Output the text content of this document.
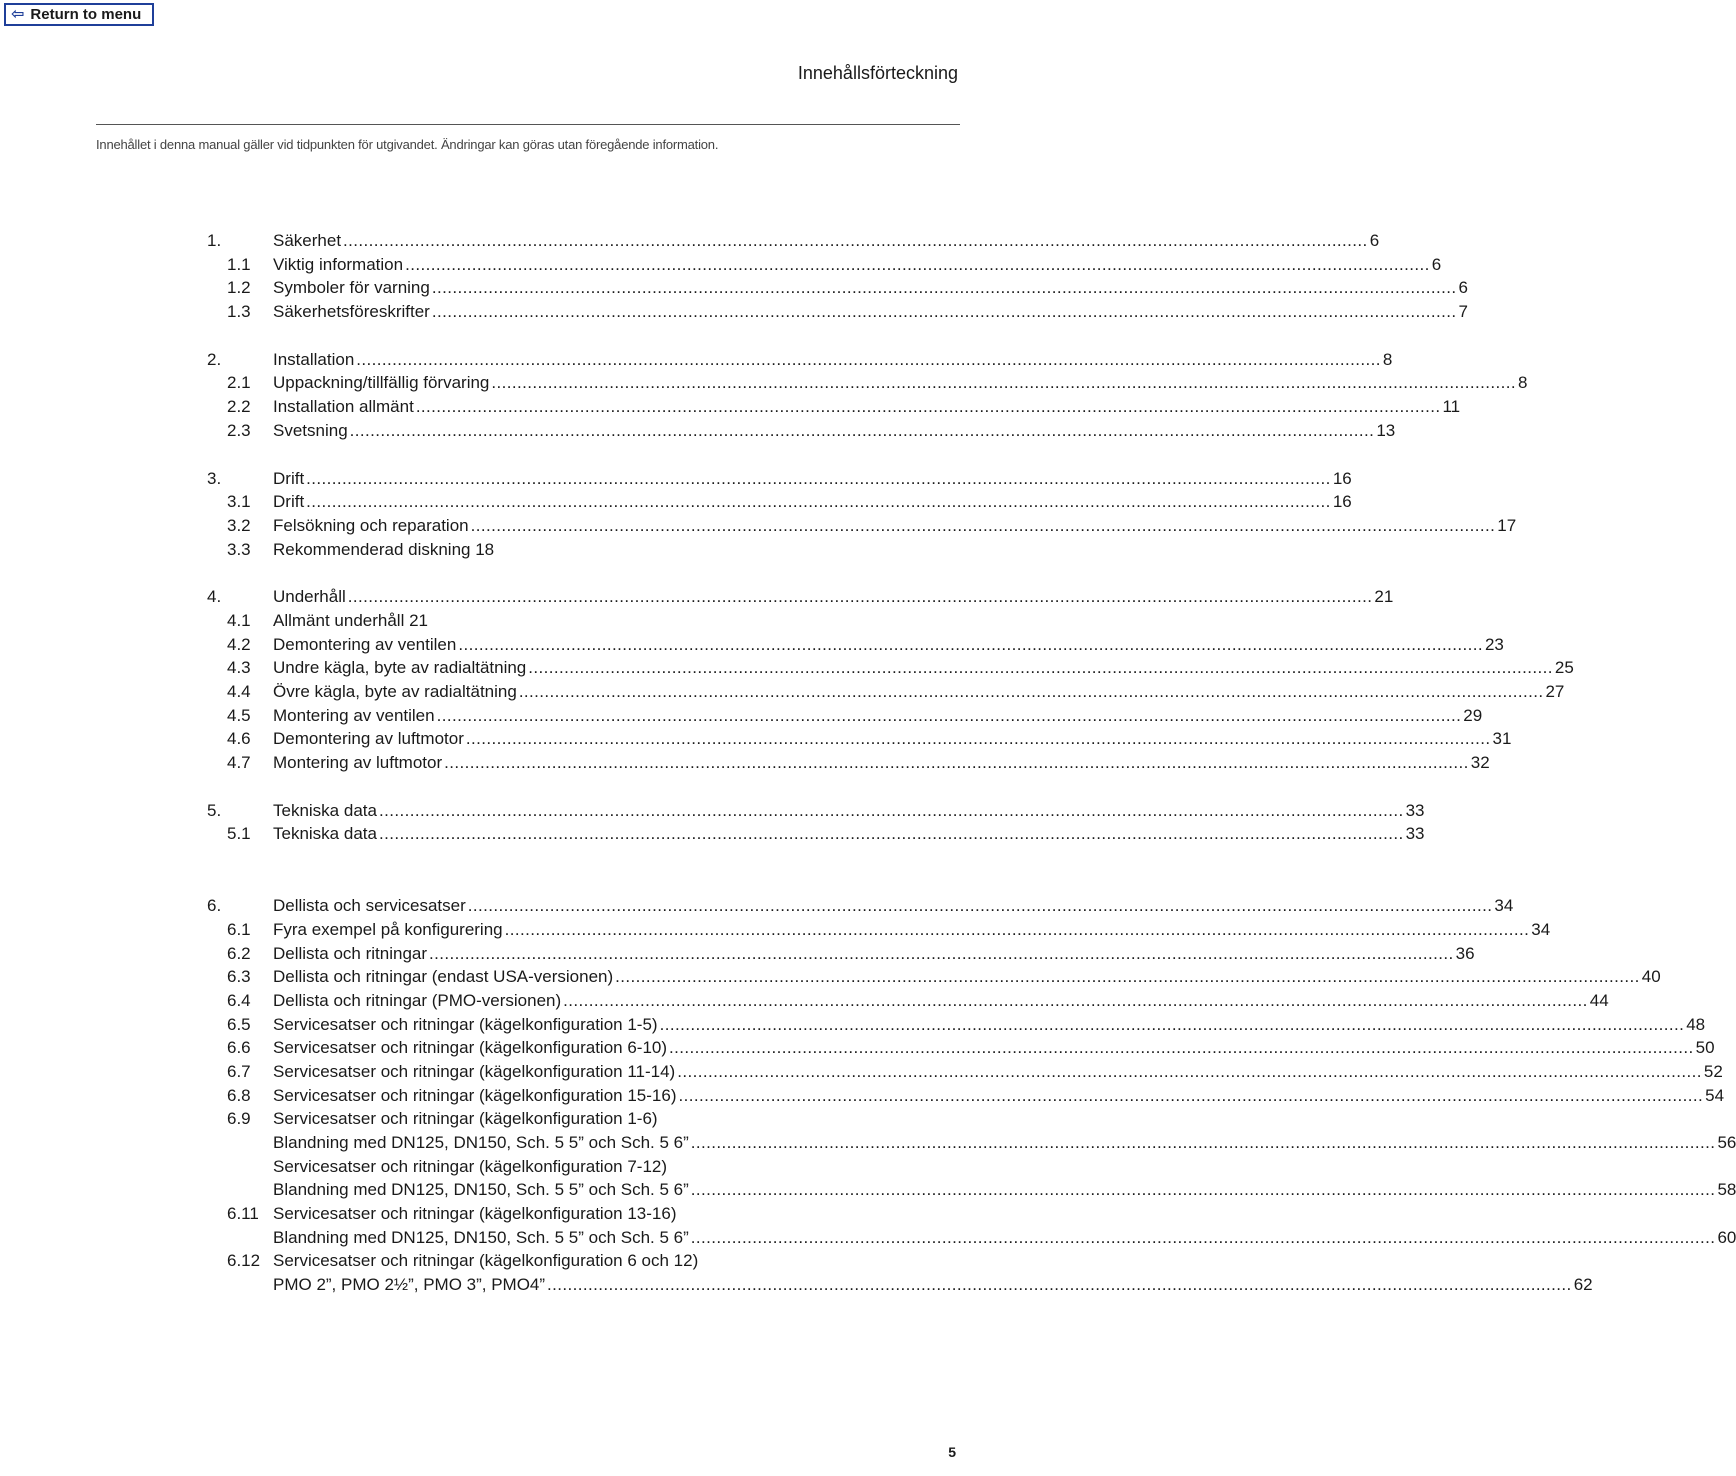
⇦ Return to menu
Innehållsförteckning
Innehållet i denna manual gäller vid tidpunkten för utgivandet. Ändringar kan göras utan föregående information.
1.	Säkerhet ........................................................................................................................................................................................................ 6
1.1	Viktig information ........................................................................................................................................................................................................ 6
1.2	Symboler för varning ........................................................................................................................................................................................................ 6
1.3	Säkerhetsföreskrifter ........................................................................................................................................................................................................ 7
2.	Installation ........................................................................................................................................................................................................ 8
2.1	Uppackning/tillfällig förvaring ........................................................................................................................................................................................................ 8
2.2	Installation allmänt ........................................................................................................................................................................................................ 11
2.3	Svetsning ........................................................................................................................................................................................................ 13
3.	Drift ........................................................................................................................................................................................................ 16
3.1	Drift ........................................................................................................................................................................................................ 16
3.2	Felsökning och reparation ........................................................................................................................................................................................................ 17
3.3	Rekommenderad diskning 18
4.	Underhåll ........................................................................................................................................................................................................ 21
4.1	Allmänt underhåll 21
4.2	Demontering av ventilen ........................................................................................................................................................................................................ 23
4.3	Undre kägla, byte av radialtätning ........................................................................................................................................................................................................ 25
4.4	Övre kägla, byte av radialtätning ........................................................................................................................................................................................................ 27
4.5	Montering av ventilen ........................................................................................................................................................................................................ 29
4.6	Demontering av luftmotor ........................................................................................................................................................................................................ 31
4.7	Montering av luftmotor ........................................................................................................................................................................................................ 32
5.	Tekniska data ........................................................................................................................................................................................................ 33
5.1	Tekniska data ........................................................................................................................................................................................................ 33
6.	Dellista och servicesatser ........................................................................................................................................................................................................ 34
6.1	Fyra exempel på konfigurering ........................................................................................................................................................................................................ 34
6.2	Dellista och ritningar ........................................................................................................................................................................................................ 36
6.3	Dellista och ritningar (endast USA-versionen) ........................................................................................................................................................................................................ 40
6.4	Dellista och ritningar (PMO-versionen) ........................................................................................................................................................................................................ 44
6.5	Servicesatser och ritningar (kägelkonfiguration 1-5) ........................................................................................................................................................................................................ 48
6.6	Servicesatser och ritningar (kägelkonfiguration 6-10) ........................................................................................................................................................................................................ 50
6.7	Servicesatser och ritningar (kägelkonfiguration 11-14) ........................................................................................................................................................................................................ 52
6.8	Servicesatser och ritningar (kägelkonfiguration 15-16) ........................................................................................................................................................................................................ 54
6.9	Servicesatser och ritningar (kägelkonfiguration 1-6)
Blandning med DN125, DN150, Sch. 5 5” och Sch. 5 6” ........................................................................................................................................................................................................ 56
Servicesatser och ritningar (kägelkonfiguration 7-12)
Blandning med DN125, DN150, Sch. 5 5” och Sch. 5 6” ........................................................................................................................................................................................................ 58
6.11 Servicesatser och ritningar (kägelkonfiguration 13-16)
Blandning med DN125, DN150, Sch. 5 5” och Sch. 5 6” ........................................................................................................................................................................................................ 60
6.12 Servicesatser och ritningar (kägelkonfiguration 6 och 12)
PMO 2”, PMO 2½”, PMO 3”, PMO4” ........................................................................................................................................................................................................ 62
5
